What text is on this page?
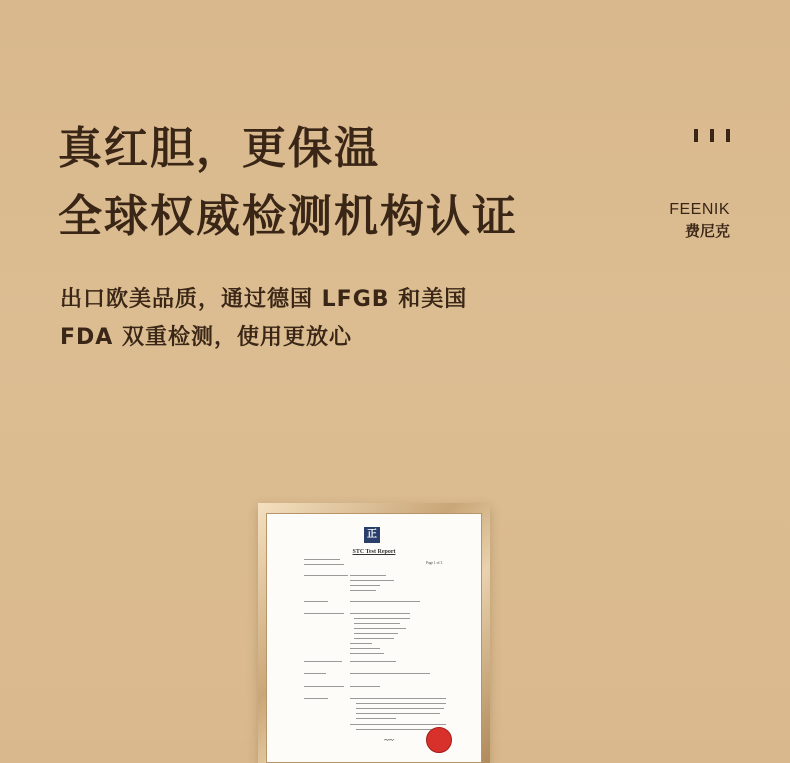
真红胆，更保温
全球权威检测机构认证	FEENIK
费尼克
出口欧美品质，通过德国 LFGB 和美国
FDA 双重检测，使用更放心
正
STC Test Report
Page 1 of 3
~~
